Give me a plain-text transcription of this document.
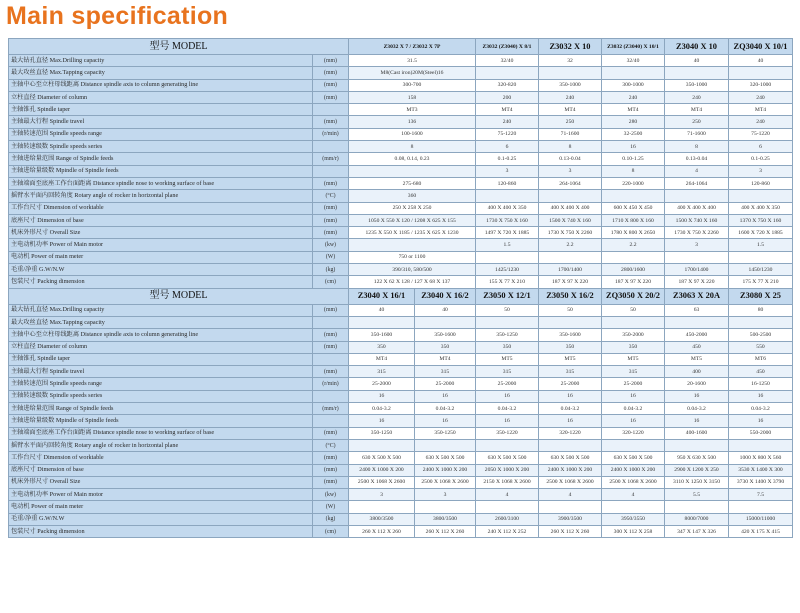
Main specification
型号 MODEL		Z3032 X 7 / Z3032 X 7P		Z3032 (Z3040) X 8/1	Z3032 X 10	Z3032 (Z3040) X 10/1	Z3040 X 10	ZQ3040 X 10/1
最大钻孔直径 Max.Drilling capacity	(mm)	31.5		32/40	32	32/40	40	40
最大攻丝直径 Max.Tapping capacity	(mm)	M8(Cast iron)20M(Steel)16						
主轴中心至立柱母线距离 Distance spindle axis to column generating line	(mm)	300-700		320-820	350-1000	300-1000	350-1000	320-1000
立柱直径 Diameter of column	(mm)	158		200	240	240	240	240
主轴锥孔 Spindle taper		MT3		MT4	MT4	MT4	MT4	MT4
主轴最大行程 Spindle travel	(mm)	136		240	250	280	250	240
主轴转速范围 Spindle speeds range	(r/min)	100-1600		75-1220	71-1600	32-2500	71-1600	75-1220
主轴转速级数 Spindle speeds series		8		6	8	16	8	6
主轴进给量范围 Range of Spindle feeds	(mm/r)	0.08, 0.14, 0.23		0.1-0.25	0.13-0.04	0.10-1.25	0.13-0.04	0.1-0.25
主轴进给量级数 Mpindle of Spindle feeds				3	3	8	4	3
主轴端面至底座工作台面距离 Distance spindle nose to working surface of base	(mm)	275-680		120-860	264-1064	220-1000	264-1064	120-860
摇臂水平面内回转角度 Rotary angle of rocker in horizontal plane	(°C)	360						
工作台尺寸 Dimension of worktable	(mm)	250 X 258 X 250		400 X 400 X 350	400 X 400 X 400	600 X 450 X 450	400 X 400 X 400	400 X 400 X 350
底座尺寸 Dimension of base	(mm)	1050 X 550 X 120 / 1208 X 625 X 155		1730 X 750 X 160	1500 X 740 X 160	1710 X 800 X 160	1500 X 740 X 160	1370 X 750 X 160
机床外形尺寸 Overall Size	(mm)	1235 X 550 X 1185 / 1235 X 625 X 1230		1497 X 720 X 1885	1730 X 750 X 2260	1780 X 800 X 2650	1730 X 750 X 2260	1600 X 720 X 1885
主电动机功率 Power of Main motor	(kw)			1.5	2.2	2.2	3	1.5
电动机 Power of main meter	(W)	750 or 1100						
毛重/净重 G.W/N.W	(kg)	390/310, 580/500		1425/1230	1700/1400	2800/1600	1700/1400	1450/1230
包装尺寸 Packing dimension	(cm)	122 X 62 X 128 / 127 X 68 X 137		155 X 77 X 210	187 X 97 X 220	187 X 97 X 220	187 X 97 X 220	175 X 77 X 210
型号 MODEL		Z3040 X 16/1	Z3040 X 16/2	Z3050 X 12/1	Z3050 X 16/2	ZQ3050 X 20/2	Z3063 X 20A	Z3080 X 25
最大钻孔直径 Max.Drilling capacity	(mm)	40	40	50	50	50	63	80
最大攻丝直径 Max.Tapping capacity								
主轴中心至立柱母线距离 Distance spindle axis to column generating line	(mm)	350-1600	350-1600	350-1250	350-1600	350-2000	450-2000	500-2500
立柱直径 Diameter of column	(mm)	350	350	350	350	350	450	550
主轴锥孔 Spindle taper		MT4	MT4	MT5	MT5	MT5	MT5	MT6
主轴最大行程 Spindle travel	(mm)	315	315	315	315	315	400	450
主轴转速范围 Spindle speeds range	(r/min)	25-2000	25-2000	25-2000	25-2000	25-2000	20-1600	16-1250
主轴转速级数 Spindle speeds series		16	16	16	16	16	16	16
主轴进给量范围 Range of Spindle feeds	(mm/r)	0.04-3.2	0.04-3.2	0.04-3.2	0.04-3.2	0.04-3.2	0.04-3.2	0.04-3.2
主轴进给量级数 Mpindle of Spindle feeds		16	16	16	16	16	16	16
主轴端面至底座工作台面距离 Distance spindle nose to working surface of base	(mm)	350-1250	350-1250	350-1220	320-1220	320-1220	400-1600	550-2000
摇臂水平面内回转角度 Rotary angle of rocker in horizontal plane	(°C)							
工作台尺寸 Dimension of worktable	(mm)	630 X 500 X 500	630 X 500 X 500	630 X 500 X 500	630 X 500 X 500	630 X 500 X 500	950 X 630 X 500	1000 X 800 X 560
底座尺寸 Dimension of base	(mm)	2400 X 1000 X 200	2400 X 1000 X 200	2050 X 1000 X 200	2400 X 1000 X 200	2400 X 1000 X 200	2900 X 1200 X 250	3530 X 1400 X 300
机床外形尺寸 Overall Size	(mm)	2500 X 1068 X 2600	2500 X 1068 X 2600	2150 X 1068 X 2600	2500 X 1068 X 2600	2500 X 1068 X 2600	3110 X 1250 X 3150	3730 X 1400 X 3790
主电动机功率 Power of Main motor	(kw)	3	3	4	4	4	5.5	7.5
电动机 Power of main meter	(W)							
毛重/净重 G.W/N.W	(kg)	3800/3500	3800/3500	2600/3100	3900/3500	3950/3550	8000/7000	15000/11000
包装尺寸 Packing dimension	(cm)	260 X 112 X 260	260 X 112 X 260	240 X 112 X 252	260 X 112 X 260	300 X 112 X 258	347 X 147 X 326	420 X 175 X 415
